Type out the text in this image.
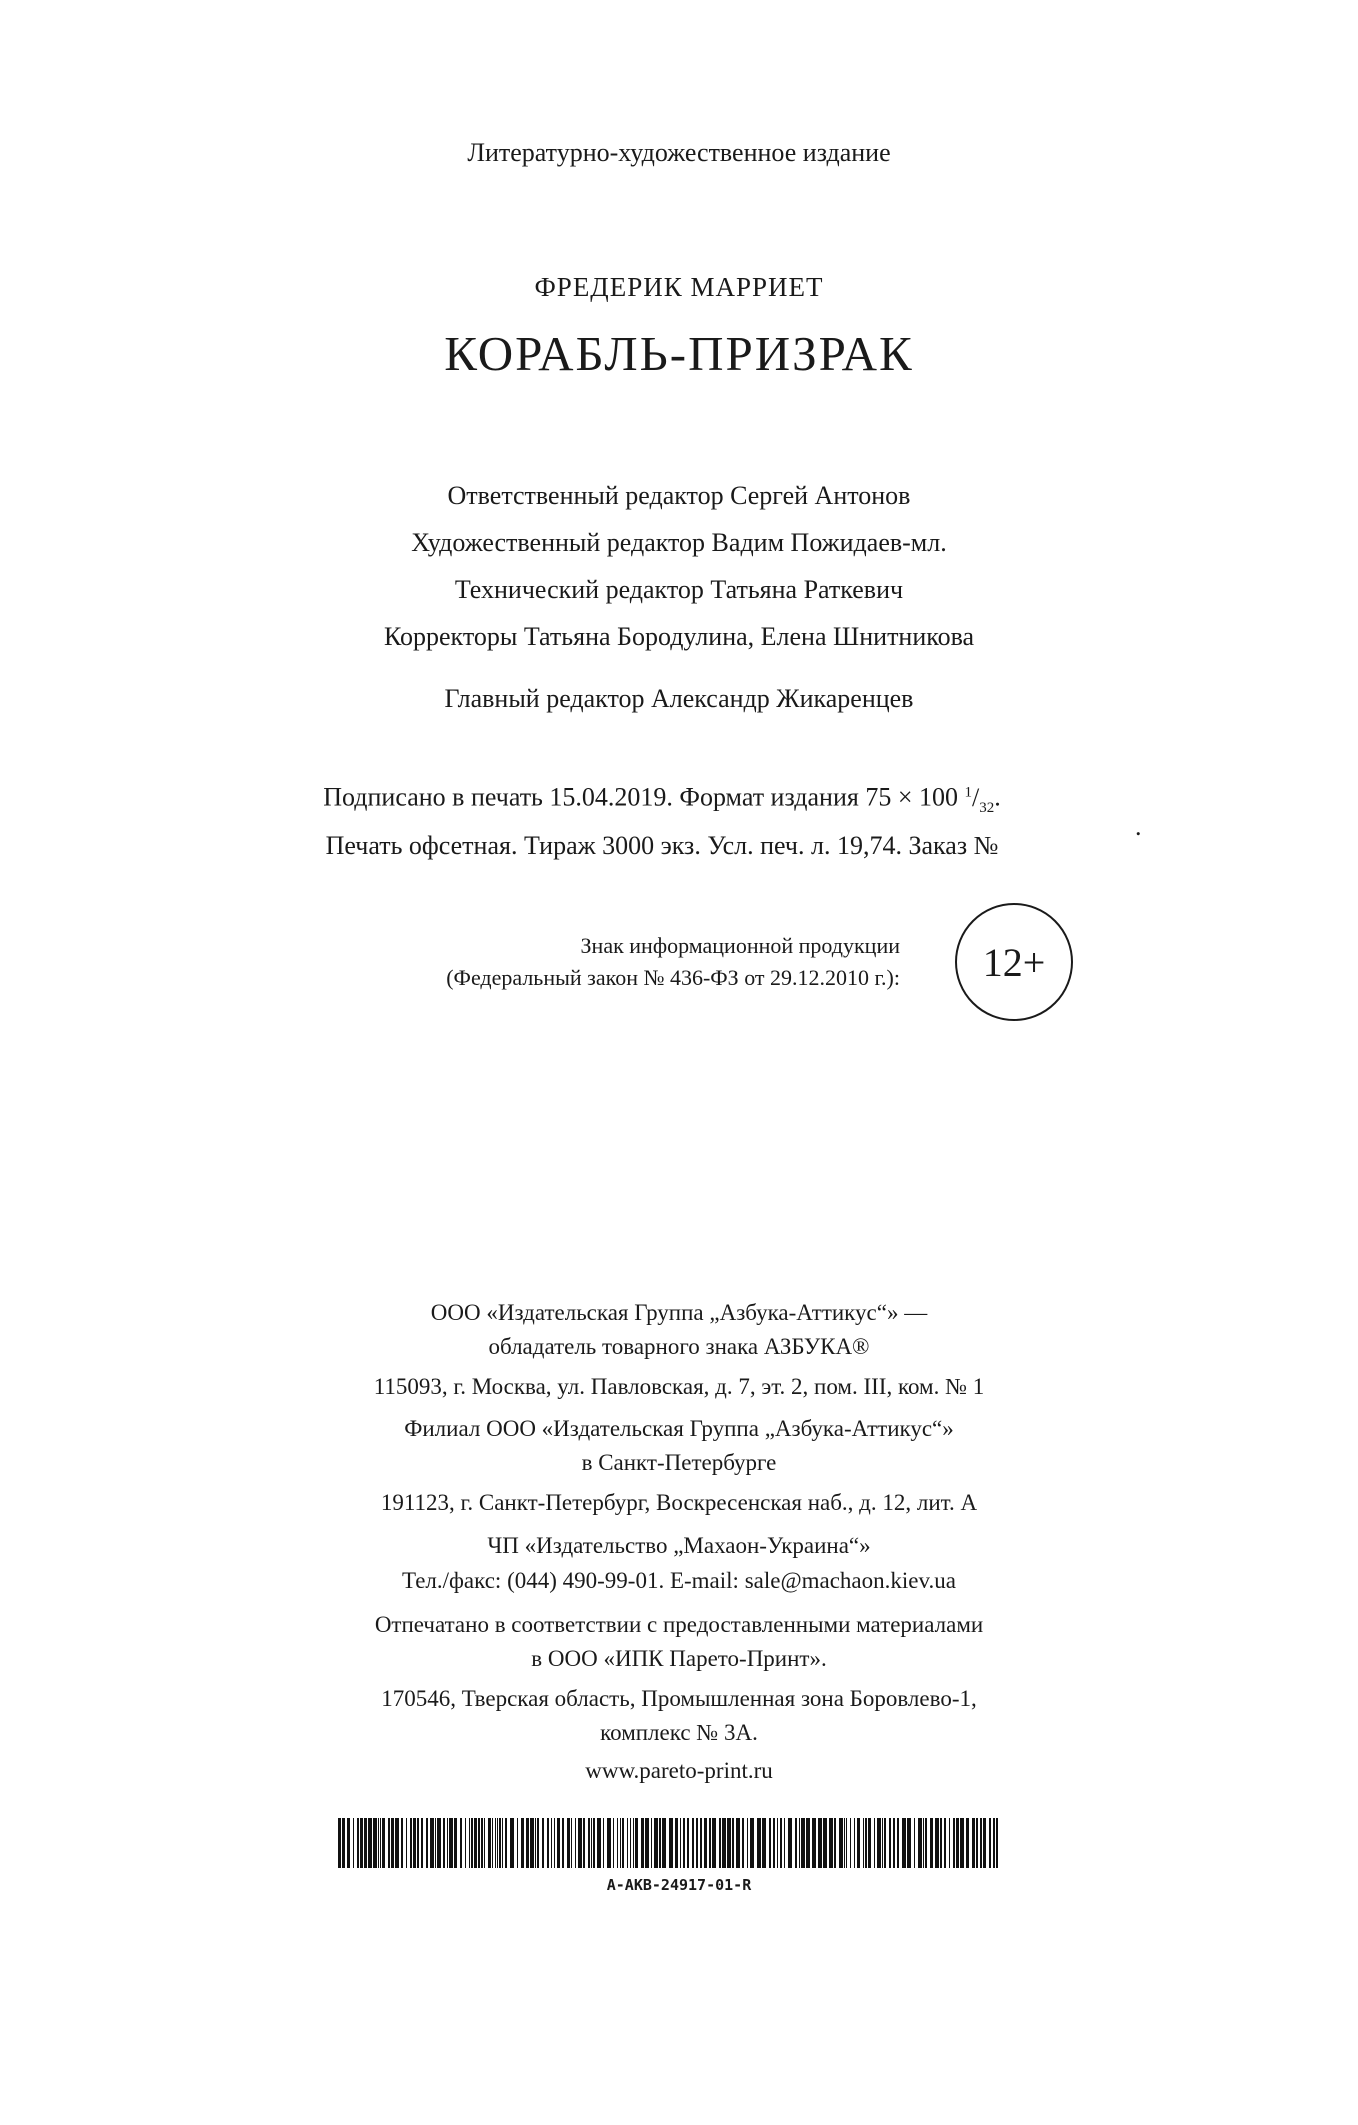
Литературно-художественное издание
ФРЕДЕРИК МАРРИЕТ
КОРАБЛЬ-ПРИЗРАК
Ответственный редактор Сергей Антонов
Художественный редактор Вадим Пожидаев-мл.
Технический редактор Татьяна Раткевич
Корректоры Татьяна Бородулина, Елена Шнитникова
Главный редактор Александр Жикаренцев

Подписано в печать 15.04.2019. Формат издания 75 × 100 $^1/_{32}$.

Печать офсетная. Тираж 3000 экз. Усл. печ. л. 19,74. Заказ №

.

Знак информационной продукции

(Федеральный закон № 436-ФЗ от 29.12.2010 г.):	12+
ООО «Издательская Группа „Азбука-Аттикус“» —
обладатель товарного знака АЗБУКА®
115093, г. Москва, ул. Павловская, д. 7, эт. 2, пом. III, ком. № 1
Филиал ООО «Издательская Группа „Азбука-Аттикус“»
в Санкт-Петербурге
191123, г. Санкт-Петербург, Воскресенская наб., д. 12, лит. А
ЧП «Издательство „Махаон-Украина“»
Тел./факс: (044) 490-99-01. E-mail: sale@machaon.kiev.ua
Отпечатано в соответствии с предоставленными материалами
в ООО «ИПК Парето-Принт».
170546, Тверская область, Промышленная зона Боровлево-1,
комплекс № 3А.
www.pareto-print.ru
A-AKB-24917-01-R
